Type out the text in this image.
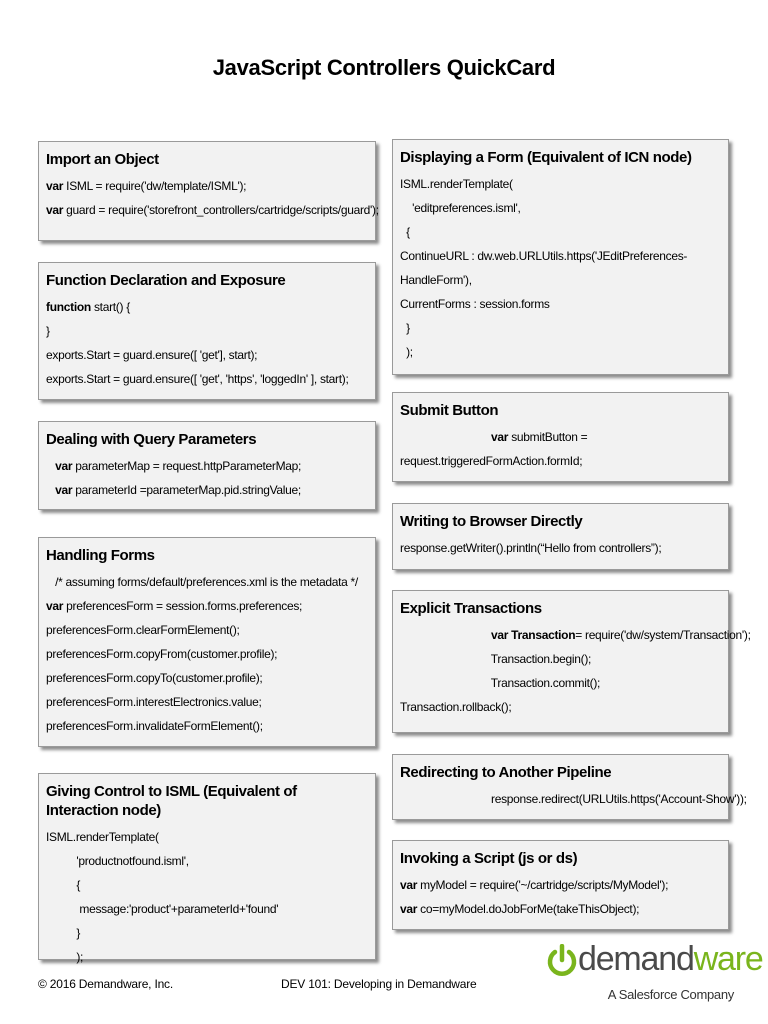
JavaScript Controllers QuickCard
Import an Object
var ISML = require('dw/template/ISML');
var guard = require('storefront_controllers/cartridge/scripts/guard');
Function Declaration and Exposure
function start() {
}
exports.Start = guard.ensure([ 'get'], start);
exports.Start = guard.ensure([ 'get', 'https', 'loggedIn' ], start);
Dealing with Query Parameters
var parameterMap = request.httpParameterMap;
var parameterId =parameterMap.pid.stringValue;
Handling Forms
/* assuming forms/default/preferences.xml is the metadata */
var preferencesForm = session.forms.preferences;
preferencesForm.clearFormElement();
preferencesForm.copyFrom(customer.profile);
preferencesForm.copyTo(customer.profile);
preferencesForm.interestElectronics.value;
preferencesForm.invalidateFormElement();
Giving Control to ISML (Equivalent of Interaction node)
ISML.renderTemplate(
'productnotfound.isml',
{
message:'product'+parameterId+'found'
}
);
Displaying a Form (Equivalent of ICN node)
ISML.renderTemplate(
'editpreferences.isml',
{
ContinueURL : dw.web.URLUtils.https('JEditPreferences-
HandleForm'),
CurrentForms : session.forms
}
);
Submit Button
var submitButton =
request.triggeredFormAction.formId;
Writing to Browser Directly
response.getWriter().println(“Hello from controllers”);
Explicit Transactions
var Transaction= require('dw/system/Transaction');
Transaction.begin();
Transaction.commit();
Transaction.rollback();
Redirecting to Another Pipeline
response.redirect(URLUtils.https('Account-Show'));
Invoking a Script (js or ds)
var myModel = require('~/cartridge/scripts/MyModel');
var co=myModel.doJobForMe(takeThisObject);
© 2016 Demandware, Inc.	DEV 101: Developing in Demandware
demandware
A Salesforce Company
